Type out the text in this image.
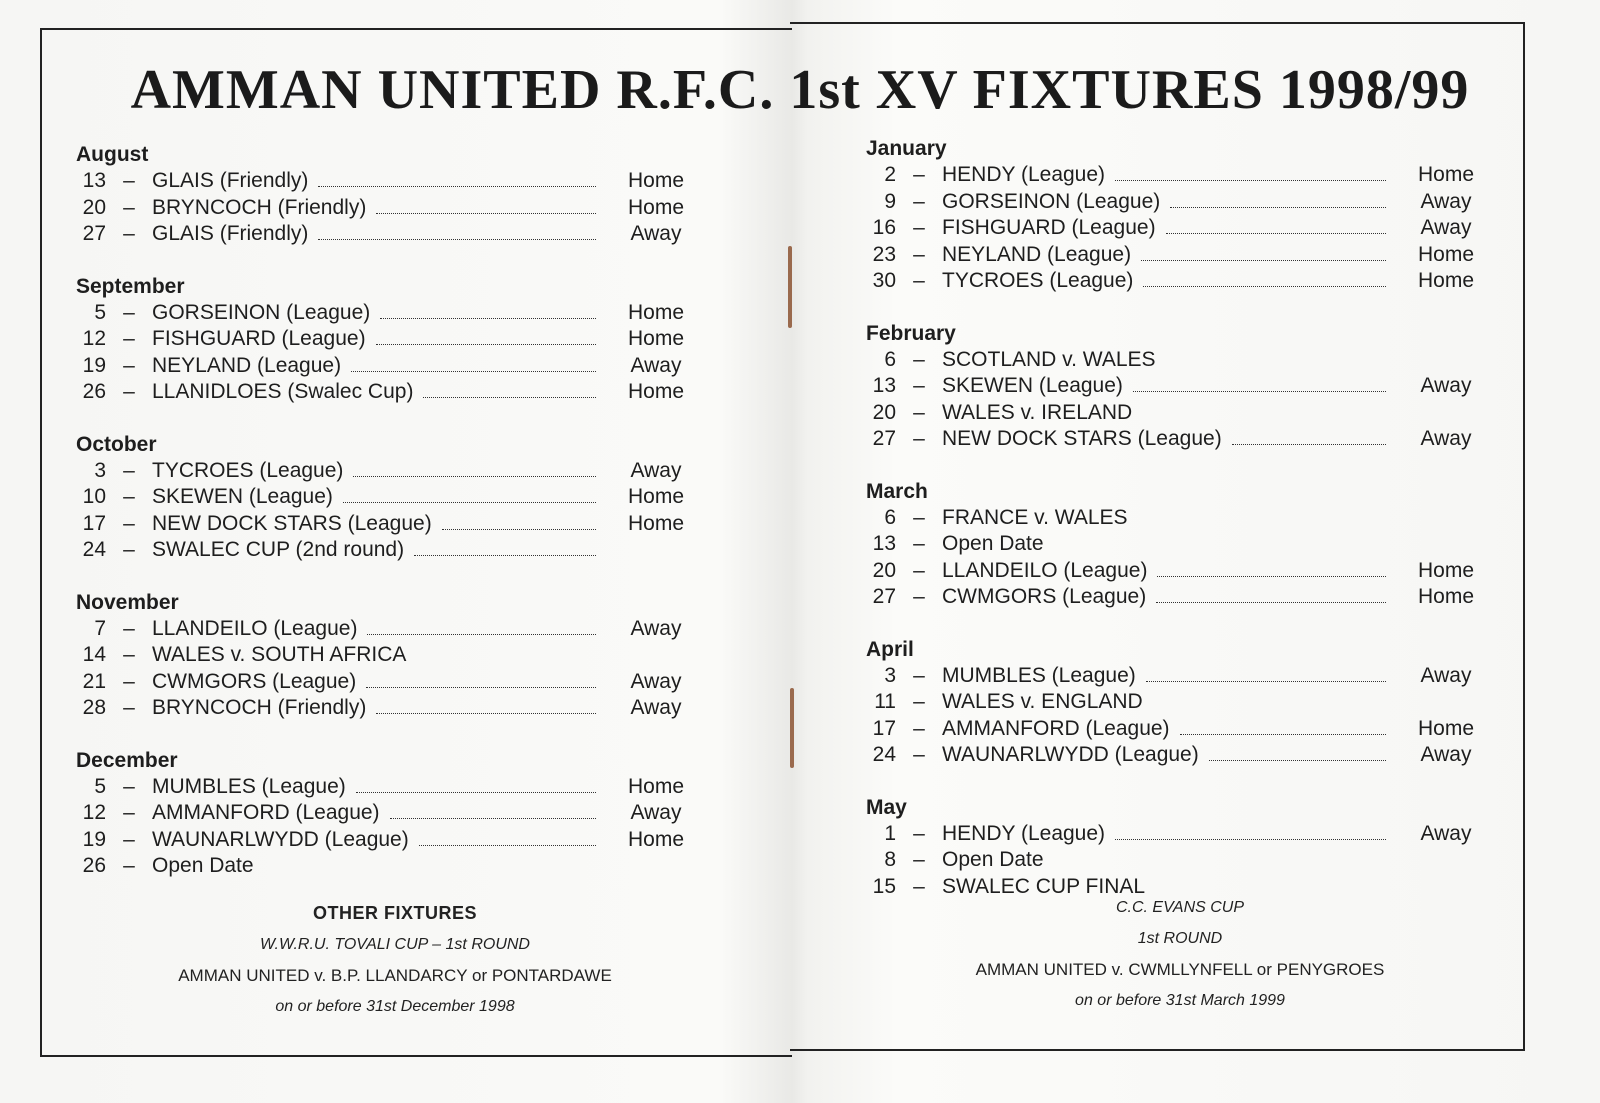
AMMAN UNITED R.F.C. 1st XV FIXTURES 1998/99
August
13 – GLAIS (Friendly)	Home
20 – BRYNCOCH (Friendly)	Home
27 – GLAIS (Friendly)	Away
September
5 – GORSEINON (League)	Home
12 – FISHGUARD (League)	Home
19 – NEYLAND (League)	Away
26 – LLANIDLOES (Swalec Cup)	Home
October
3 – TYCROES (League)	Away
10 – SKEWEN (League)	Home
17 – NEW DOCK STARS (League)	Home
24 – SWALEC CUP (2nd round)
November
7 – LLANDEILO (League)	Away
14 – WALES v. SOUTH AFRICA
21 – CWMGORS (League)	Away
28 – BRYNCOCH (Friendly)	Away
December
5 – MUMBLES (League)	Home
12 – AMMANFORD (League)	Away
19 – WAUNARLWYDD (League)	Home
26 – Open Date
January
2 – HENDY (League)	Home
9 – GORSEINON (League)	Away
16 – FISHGUARD (League)	Away
23 – NEYLAND (League)	Home
30 – TYCROES (League)	Home
February
6 – SCOTLAND v. WALES
13 – SKEWEN (League)	Away
20 – WALES v. IRELAND
27 – NEW DOCK STARS (League)	Away
March
6 – FRANCE v. WALES
13 – Open Date
20 – LLANDEILO (League)	Home
27 – CWMGORS (League)	Home
April
3 – MUMBLES (League)	Away
11 – WALES v. ENGLAND
17 – AMMANFORD (League)	Home
24 – WAUNARLWYDD (League)	Away
May
1 – HENDY (League)	Away
8 – Open Date
15 – SWALEC CUP FINAL
OTHER FIXTURES
W.W.R.U. TOVALI CUP – 1st ROUND
AMMAN UNITED v. B.P. LLANDARCY or PONTARDAWE
on or before 31st December 1998
C.C. EVANS CUP
1st ROUND
AMMAN UNITED v. CWMLLYNFELL or PENYGROES
on or before 31st March 1999
